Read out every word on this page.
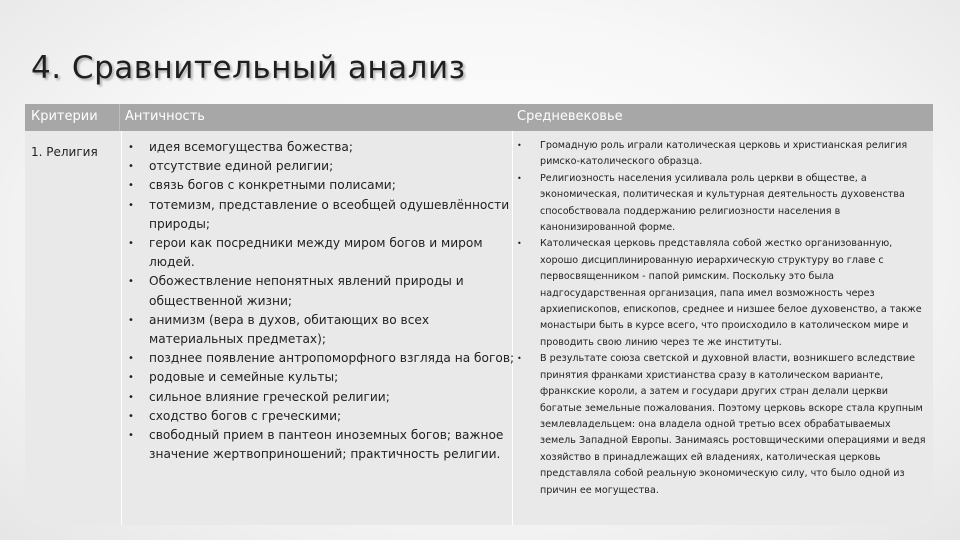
4. Сравнительный анализ
Критерии Античность	Средневековье
1. Религия	• идея всемогущества божества;
• отсутствие единой религии;
• связь богов с конкретными полисами;
• тотемизм, представление о всеобщей одушевлённости природы;
• герои как посредники между миром богов и миром людей.
• Обожествление непонятных явлений природы и общественной жизни;
• анимизм (вера в духов, обитающих во всех материальных предметах);
• позднее появление антропоморфного взгляда на богов;
• родовые и семейные культы;
• сильное влияние греческой религии;
• сходство богов с греческими;
• свободный прием в пантеон иноземных богов; важное значение жертвоприношений; практичность религии.
• Громадную роль играли католическая церковь и христианская религия римско-католического образца.
• Религиозность населения усиливала роль церкви в обществе, а экономическая, политическая и культурная деятельность духовенства способствовала поддержанию религиозности населения в канонизированной форме.
• Католическая церковь представляла собой жестко организованную, хорошо дисциплинированную иерархическую структуру во главе с первосвященником - папой римским. Поскольку это была надгосударственная организация, папа имел возможность через архиепископов, епископов, среднее и низшее белое духовенство, а также монастыри быть в курсе всего, что происходило в католическом мире и проводить свою линию через те же институты.
• В результате союза светской и духовной власти, возникшего вследствие принятия франками христианства сразу в католическом варианте, франкские короли, а затем и государи других стран делали церкви богатые земельные пожалования. Поэтому церковь вскоре стала крупным землевладельцем: она владела одной третью всех обрабатываемых земель Западной Европы. Занимаясь ростовщическими операциями и ведя хозяйство в принадлежащих ей владениях, католическая церковь представляла собой реальную экономическую силу, что было одной из причин ее могущества.
